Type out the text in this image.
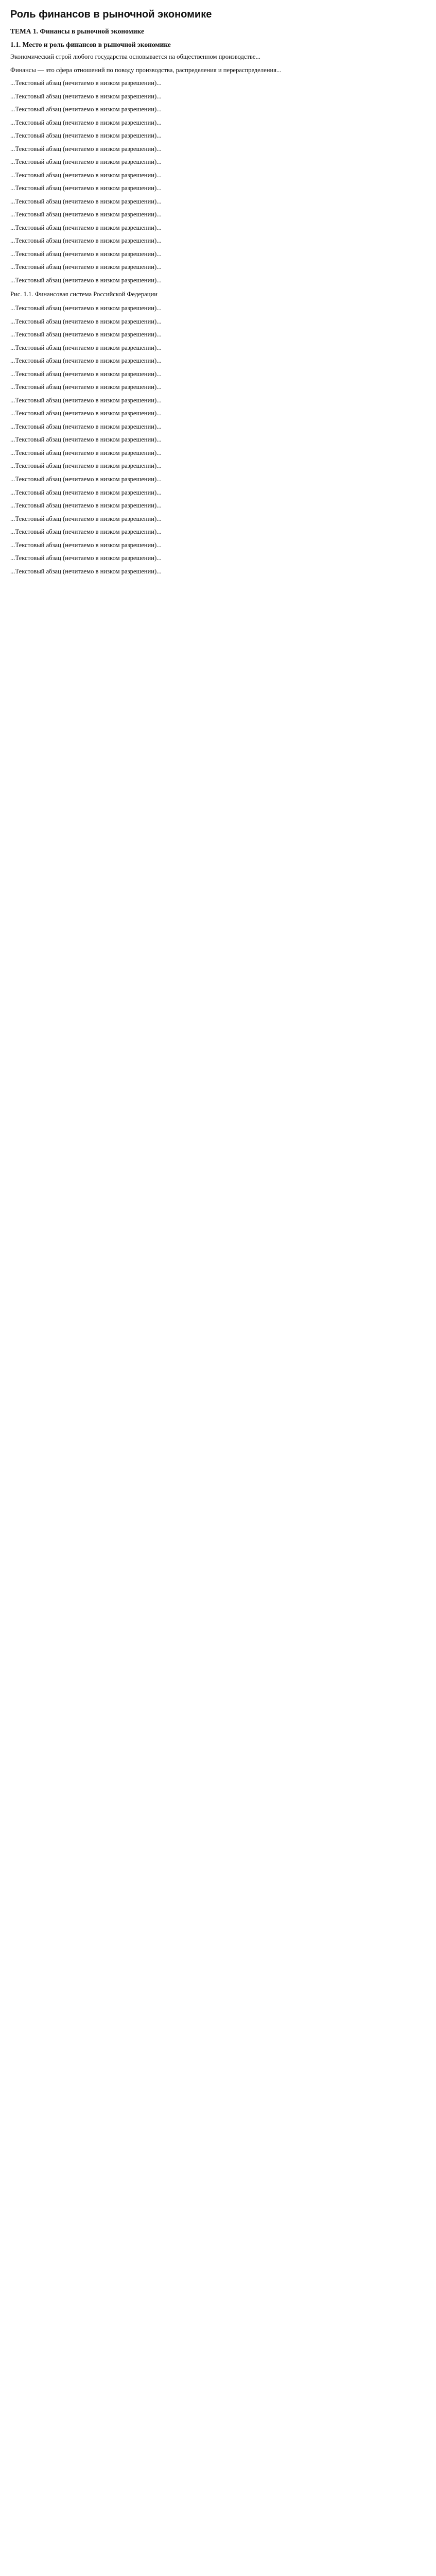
Роль финансов в рыночной экономике
ТЕМА 1. Финансы в рыночной экономике
1.1. Место и роль финансов в рыночной экономике
Экономический строй любого государства основывается на общественном производстве...
Финансы — это сфера отношений по поводу производства, распределения и перераспределения...
...Текстовый абзац (нечитаемо в низком разрешении)...
...Текстовый абзац (нечитаемо в низком разрешении)...
...Текстовый абзац (нечитаемо в низком разрешении)...
...Текстовый абзац (нечитаемо в низком разрешении)...
...Текстовый абзац (нечитаемо в низком разрешении)...
...Текстовый абзац (нечитаемо в низком разрешении)...
...Текстовый абзац (нечитаемо в низком разрешении)...
...Текстовый абзац (нечитаемо в низком разрешении)...
...Текстовый абзац (нечитаемо в низком разрешении)...
...Текстовый абзац (нечитаемо в низком разрешении)...
...Текстовый абзац (нечитаемо в низком разрешении)...
...Текстовый абзац (нечитаемо в низком разрешении)...
...Текстовый абзац (нечитаемо в низком разрешении)...
...Текстовый абзац (нечитаемо в низком разрешении)...
...Текстовый абзац (нечитаемо в низком разрешении)...
...Текстовый абзац (нечитаемо в низком разрешении)...
Рис. 1.1. Финансовая система Российской Федерации
...Текстовый абзац (нечитаемо в низком разрешении)...
...Текстовый абзац (нечитаемо в низком разрешении)...
...Текстовый абзац (нечитаемо в низком разрешении)...
...Текстовый абзац (нечитаемо в низком разрешении)...
...Текстовый абзац (нечитаемо в низком разрешении)...
...Текстовый абзац (нечитаемо в низком разрешении)...
...Текстовый абзац (нечитаемо в низком разрешении)...
...Текстовый абзац (нечитаемо в низком разрешении)...
...Текстовый абзац (нечитаемо в низком разрешении)...
...Текстовый абзац (нечитаемо в низком разрешении)...
...Текстовый абзац (нечитаемо в низком разрешении)...
...Текстовый абзац (нечитаемо в низком разрешении)...
...Текстовый абзац (нечитаемо в низком разрешении)...
...Текстовый абзац (нечитаемо в низком разрешении)...
...Текстовый абзац (нечитаемо в низком разрешении)...
...Текстовый абзац (нечитаемо в низком разрешении)...
...Текстовый абзац (нечитаемо в низком разрешении)...
...Текстовый абзац (нечитаемо в низком разрешении)...
...Текстовый абзац (нечитаемо в низком разрешении)...
...Текстовый абзац (нечитаемо в низком разрешении)...
...Текстовый абзац (нечитаемо в низком разрешении)...
